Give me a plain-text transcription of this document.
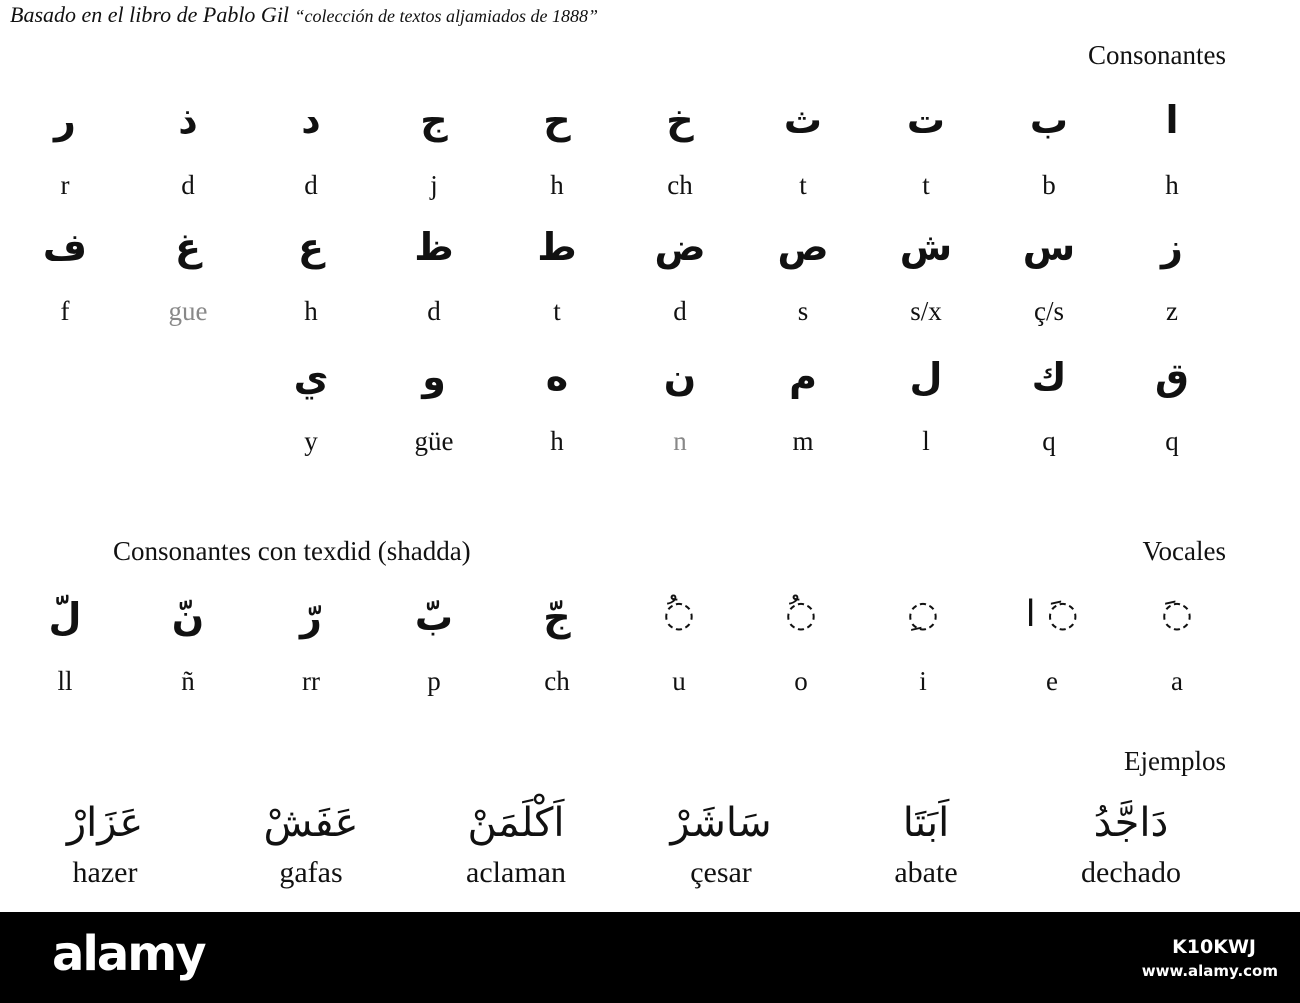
Basado en el libro de Pablo Gil “colección de textos aljamiados de 1888”
Consonantes
ا
h
ب
b
ت
t
ث
t
خ
ch
ح
h
ج
j
د
d
ذ
d
ر
r
ز
z
س
ç/s
ش
s/x
ص
s
ض
d
ط
t
ظ
d
ع
h
غ
gue
ف
f
ق
q
ك
q
ل
l
م
m
ن
n
ه
h
و
güe
ي
y
Consonantes con texdid (shadda)	Vocales
جّ
ch
بّ
p
رّ
rr
نّ
ñ
لّ
ll
◌َ
a
◌َ ا
e
◌ِ
i
◌ُ
o
◌ُ
u
Ejemplos
دَاجَّدُ
dechado
اَبَتَا
abate
سَاشَرْ
çesar
اَكْلَمَنْ
aclaman
عَفَشْ
gafas
عَزَارْ
hazer
alamy	K10KWJ
www.alamy.com
